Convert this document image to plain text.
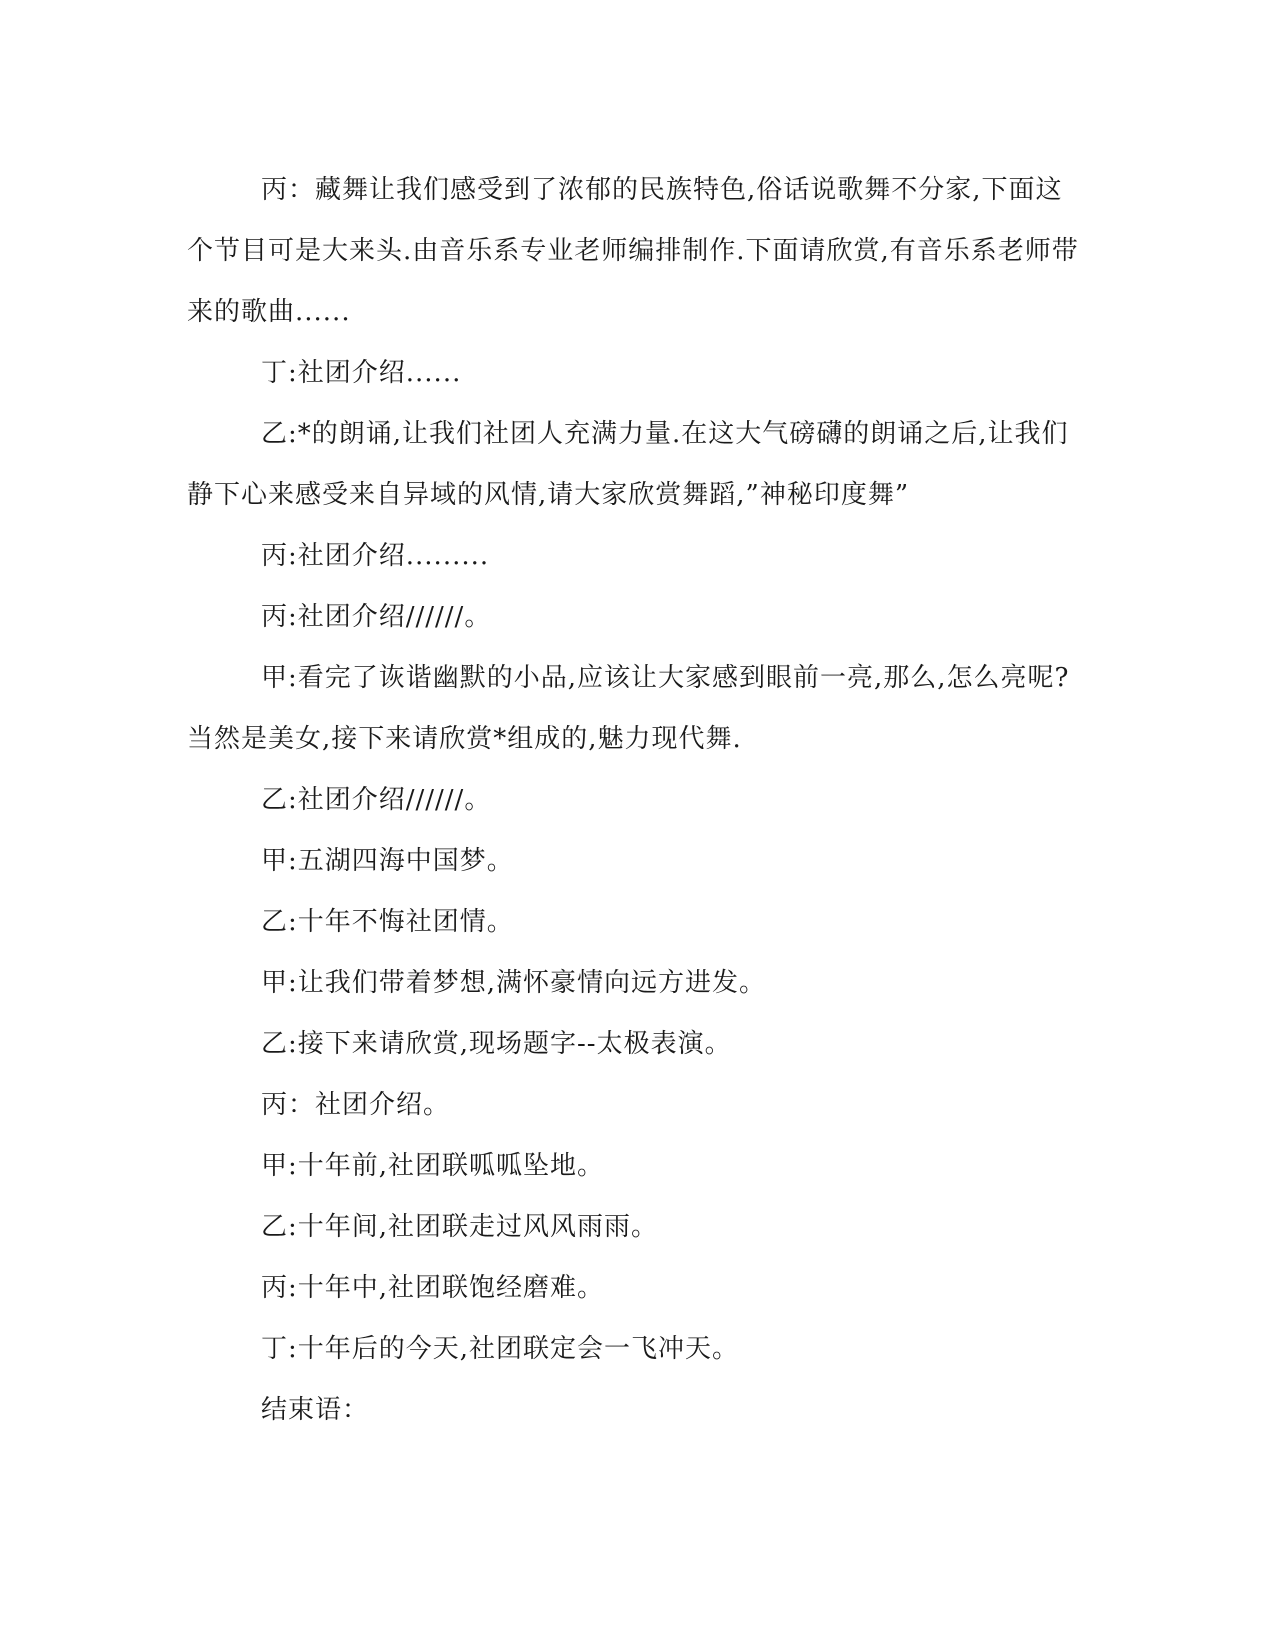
丙：藏舞让我们感受到了浓郁的民族特色,俗话说歌舞不分家,下面这个节目可是大来头.由音乐系专业老师编排制作.下面请欣赏,有音乐系老师带来的歌曲......

丁:社团介绍......

乙:*的朗诵,让我们社团人充满力量.在这大气磅礴的朗诵之后,让我们静下心来感受来自异域的风情,请大家欣赏舞蹈,”神秘印度舞”

丙:社团介绍.........

丙:社团介绍//////。

甲:看完了诙谐幽默的小品,应该让大家感到眼前一亮,那么,怎么亮呢?当然是美女,接下来请欣赏*组成的,魅力现代舞.

乙:社团介绍//////。

甲:五湖四海中国梦。

乙:十年不悔社团情。

甲:让我们带着梦想,满怀豪情向远方进发。

乙:接下来请欣赏,现场题字--太极表演。

丙：社团介绍。

甲:十年前,社团联呱呱坠地。

乙:十年间,社团联走过风风雨雨。

丙:十年中,社团联饱经磨难。

丁:十年后的今天,社团联定会一飞冲天。

结束语：
